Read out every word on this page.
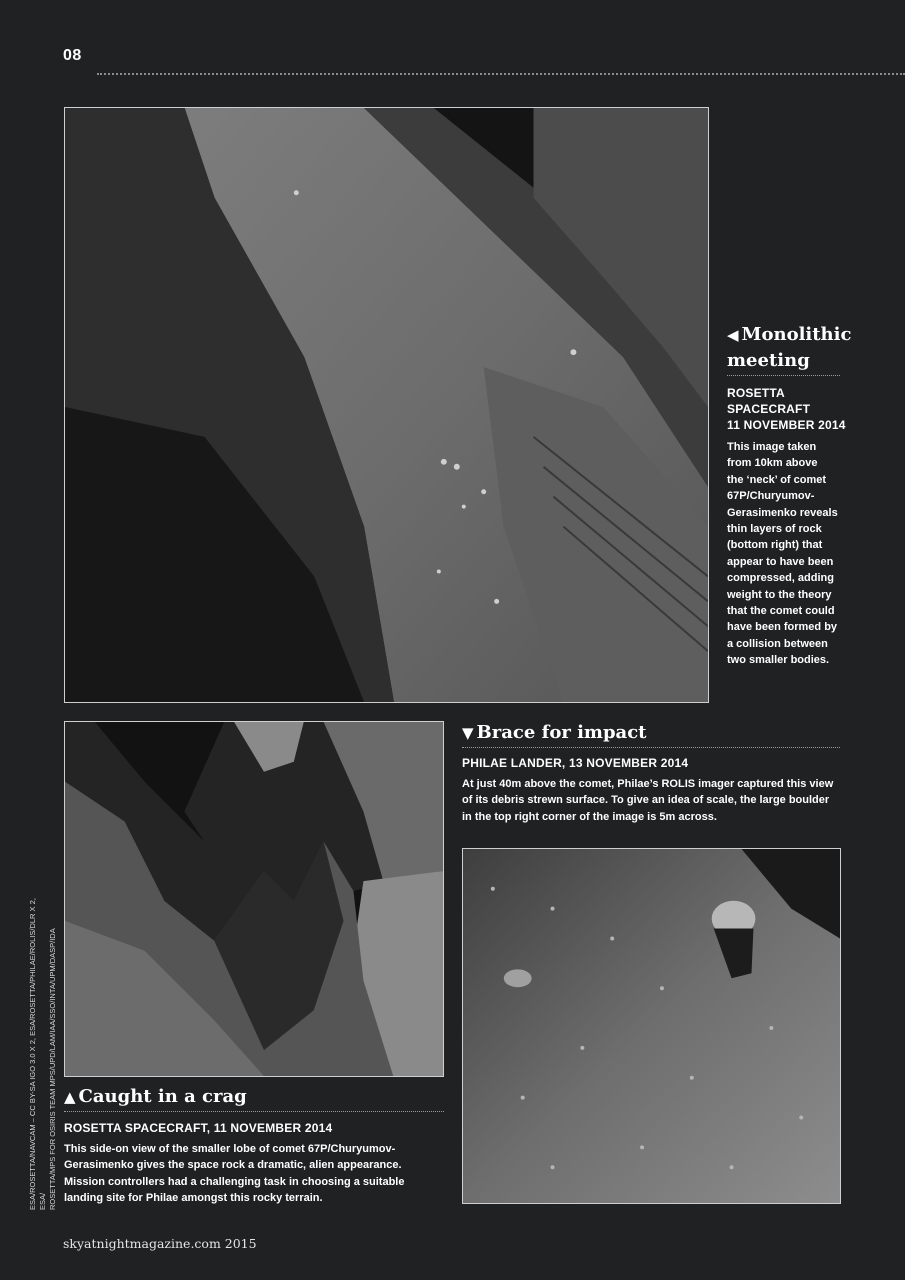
08
◀ Monolithic
meeting
ROSETTA
SPACECRAFT
11 NOVEMBER 2014
This image taken
from 10km above
the ‘neck’ of comet
67P/Churyumov-
Gerasimenko reveals
thin layers of rock
(bottom right) that
appear to have been
compressed, adding
weight to the theory
that the comet could
have been formed by
a collision between
two smaller bodies.
▲ Caught in a crag
ROSETTA SPACECRAFT, 11 NOVEMBER 2014
This side-on view of the smaller lobe of comet 67P/Churyumov-
Gerasimenko gives the space rock a dramatic, alien appearance.
Mission controllers had a challenging task in choosing a suitable
landing site for Philae amongst this rocky terrain.
▼ Brace for impact
PHILAE LANDER, 13 NOVEMBER 2014
At just 40m above the comet, Philae’s ROLIS imager captured this view
of its debris strewn surface. To give an idea of scale, the large boulder
in the top right corner of the image is 5m across.
ESA/ROSETTA/NAVCAM – CC BY-SA IGO 3.0 X 2, ESA/ROSETTA/PHILAE/ROLIS/DLR X 2, ESA/ ROSETTA/MPS FOR OSIRIS TEAM MPS/UPD/LAM/IAA/SSO/INTA/UPM/DASP/IDA
skyatnightmagazine.com 2015
